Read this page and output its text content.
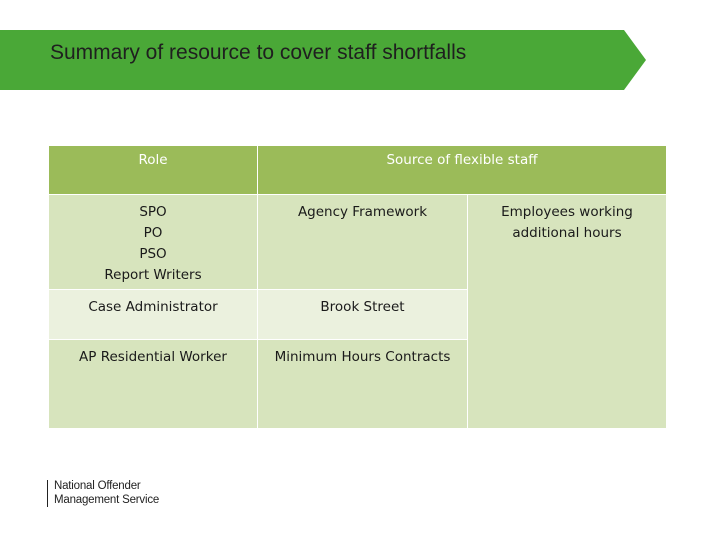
Summary of resource to cover staff shortfalls
Role	Source of flexible staff	

SPO
PO
PSO
Report Writers	Agency Framework	Employees working additional hours

Case Administrator	Brook Street	

AP Residential Worker	Minimum Hours Contracts	
National Offender
Management Service
